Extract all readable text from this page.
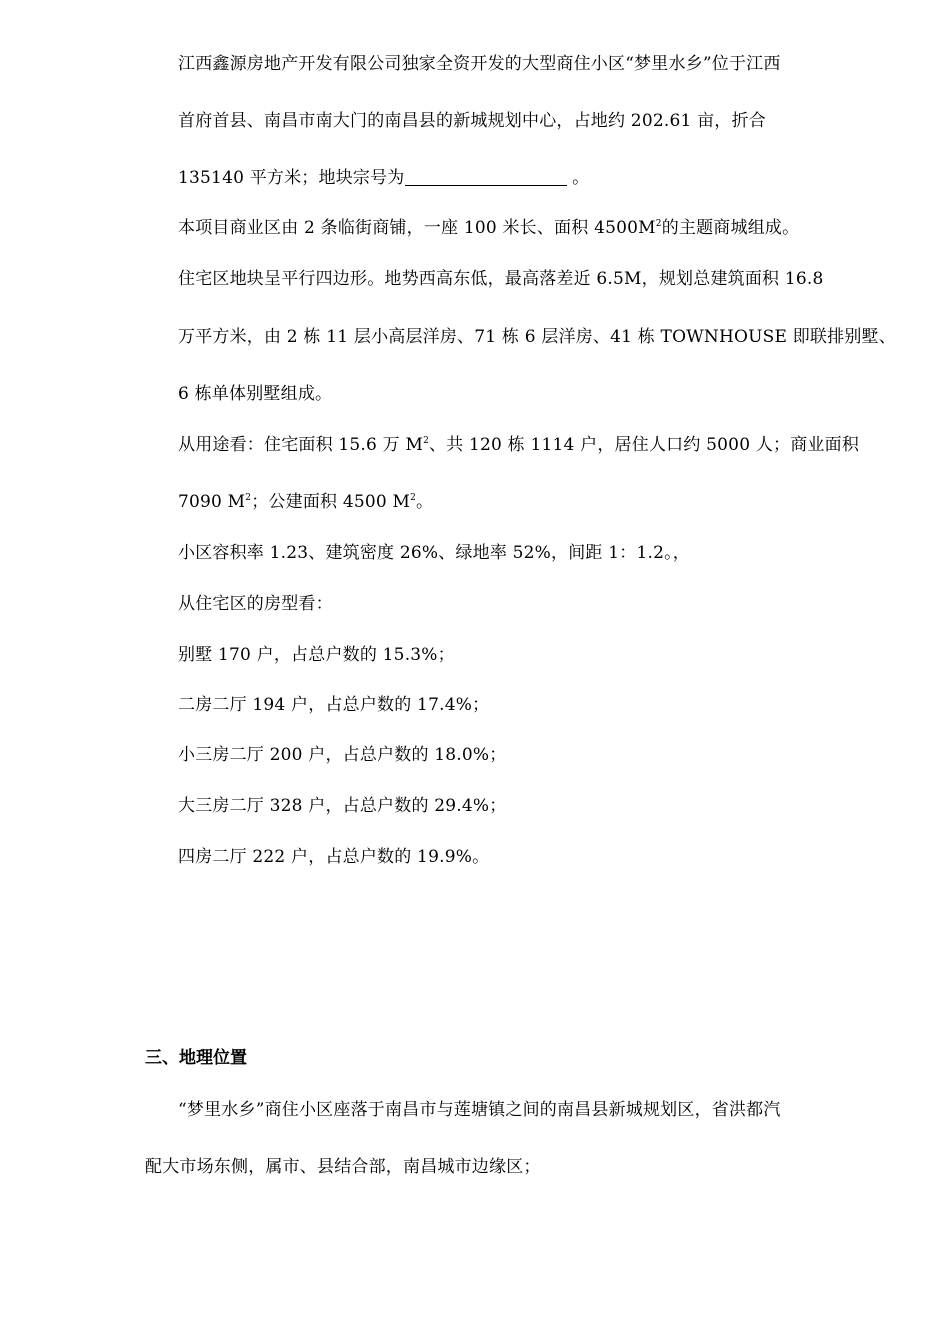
江西鑫源房地产开发有限公司独家全资开发的大型商住小区“梦里水乡”位于江西
首府首县、南昌市南大门的南昌县的新城规划中心，占地约 202.61 亩，折合
135140 平方米；地块宗号为	。
本项目商业区由 2 条临街商铺，一座 100 米长、面积 $4500M^2$的主题商城组成。
住宅区地块呈平行四边形。地势西高东低，最高落差近 6.5M，规划总建筑面积 16.8
万平方米，由 2 栋 11 层小高层洋房、71 栋 6 层洋房、41 栋 TOWNHOUSE 即联排别墅、
6 栋单体别墅组成。
从用途看：住宅面积 15.6 万 $M^2$、共 120 栋 1114 户，居住人口约 5000 人；商业面积
7090 $M^2$；公建面积 4500 $M^2$。
小区容积率 1.23、建筑密度 26%、绿地率 52%，间距 1：1.2。，
从住宅区的房型看：
别墅 170 户，占总户数的 15.3%；
二房二厅 194 户，占总户数的 17.4%；
小三房二厅 200 户，占总户数的 18.0%；
大三房二厅 328 户，占总户数的 29.4%；
四房二厅 222 户，占总户数的 19.9%。
三、地理位置
“梦里水乡”商住小区座落于南昌市与莲塘镇之间的南昌县新城规划区，省洪都汽
配大市场东侧，属市、县结合部，南昌城市边缘区；
